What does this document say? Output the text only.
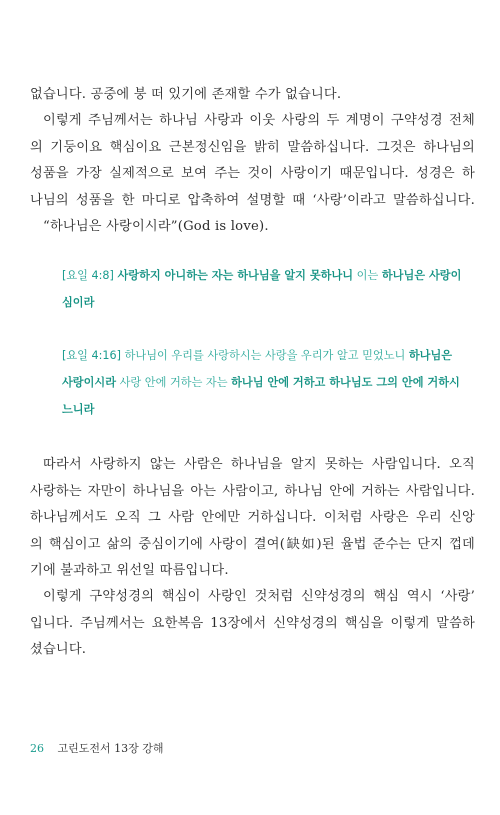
없습니다. 공중에 붕 떠 있기에 존재할 수가 없습니다.
이렇게 주님께서는 하나님 사랑과 이웃 사랑의 두 계명이 구약성경 전체
의 기둥이요 핵심이요 근본정신임을 밝히 말씀하십니다. 그것은 하나님의
성품을 가장 실제적으로 보여 주는 것이 사랑이기 때문입니다. 성경은 하
나님의 성품을 한 마디로 압축하여 설명할 때 ‘사랑’이라고 말씀하십니다.
“하나님은 사랑이시라”(God is love).
[요일 4:8] 사랑하지 아니하는 자는 하나님을 알지 못하나니 이는 하나님은 사랑이
심이라
[요일 4:16] 하나님이 우리를 사랑하시는 사랑을 우리가 알고 믿었노니 하나님은
사랑이시라 사랑 안에 거하는 자는 하나님 안에 거하고 하나님도 그의 안에 거하시
느니라
따라서 사랑하지 않는 사람은 하나님을 알지 못하는 사람입니다. 오직
사랑하는 자만이 하나님을 아는 사람이고, 하나님 안에 거하는 사람입니다.
하나님께서도 오직 그 사람 안에만 거하십니다. 이처럼 사랑은 우리 신앙
의 핵심이고 삶의 중심이기에 사랑이 결여(缺如)된 율법 준수는 단지 껍데
기에 불과하고 위선일 따름입니다.
이렇게 구약성경의 핵심이 사랑인 것처럼 신약성경의 핵심 역시 ‘사랑’
입니다. 주님께서는 요한복음 13장에서 신약성경의 핵심을 이렇게 말씀하
셨습니다.
26 고린도전서 13장 강해
